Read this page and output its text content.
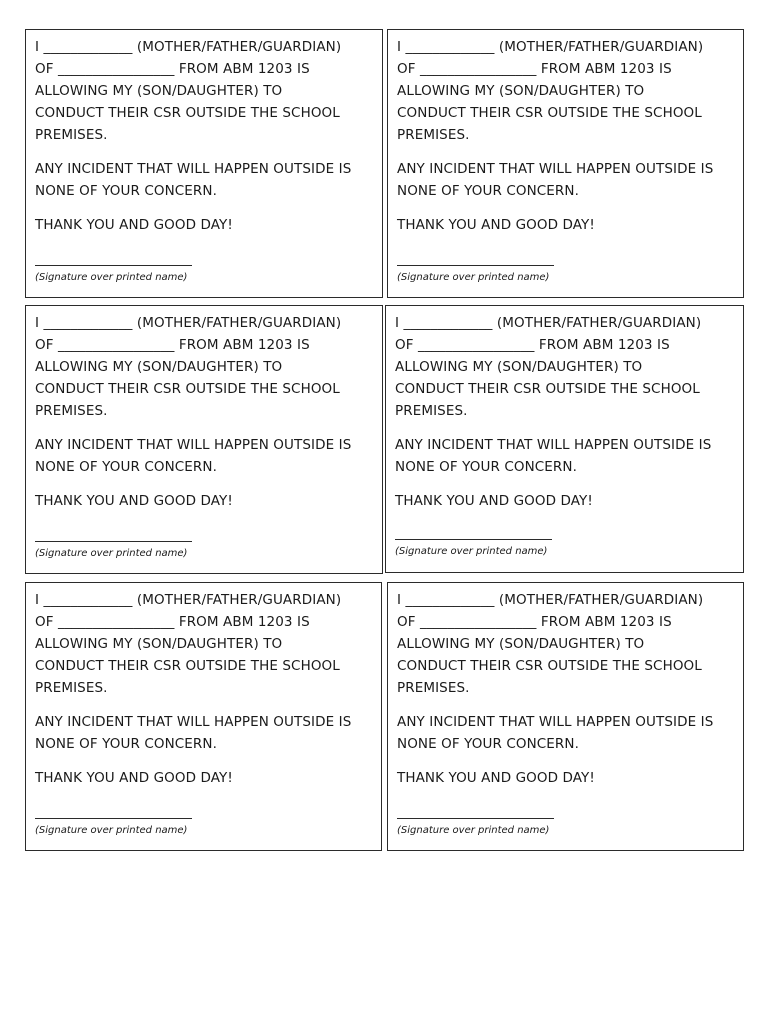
I _____________ (MOTHER/FATHER/GUARDIAN)
OF _________________ FROM ABM 1203 IS
ALLOWING MY (SON/DAUGHTER) TO
CONDUCT THEIR CSR OUTSIDE THE SCHOOL
PREMISES.
ANY INCIDENT THAT WILL HAPPEN OUTSIDE IS
NONE OF YOUR CONCERN.
THANK YOU AND GOOD DAY!
(Signature over printed name)
I _____________ (MOTHER/FATHER/GUARDIAN)
OF _________________ FROM ABM 1203 IS
ALLOWING MY (SON/DAUGHTER) TO
CONDUCT THEIR CSR OUTSIDE THE SCHOOL
PREMISES.
ANY INCIDENT THAT WILL HAPPEN OUTSIDE IS
NONE OF YOUR CONCERN.
THANK YOU AND GOOD DAY!
(Signature over printed name)
I _____________ (MOTHER/FATHER/GUARDIAN)
OF _________________ FROM ABM 1203 IS
ALLOWING MY (SON/DAUGHTER) TO
CONDUCT THEIR CSR OUTSIDE THE SCHOOL
PREMISES.
ANY INCIDENT THAT WILL HAPPEN OUTSIDE IS
NONE OF YOUR CONCERN.
THANK YOU AND GOOD DAY!
(Signature over printed name)
I _____________ (MOTHER/FATHER/GUARDIAN)
OF _________________ FROM ABM 1203 IS
ALLOWING MY (SON/DAUGHTER) TO
CONDUCT THEIR CSR OUTSIDE THE SCHOOL
PREMISES.
ANY INCIDENT THAT WILL HAPPEN OUTSIDE IS
NONE OF YOUR CONCERN.
THANK YOU AND GOOD DAY!
(Signature over printed name)
I _____________ (MOTHER/FATHER/GUARDIAN)
OF _________________ FROM ABM 1203 IS
ALLOWING MY (SON/DAUGHTER) TO
CONDUCT THEIR CSR OUTSIDE THE SCHOOL
PREMISES.
ANY INCIDENT THAT WILL HAPPEN OUTSIDE IS
NONE OF YOUR CONCERN.
THANK YOU AND GOOD DAY!
(Signature over printed name)
I _____________ (MOTHER/FATHER/GUARDIAN)
OF _________________ FROM ABM 1203 IS
ALLOWING MY (SON/DAUGHTER) TO
CONDUCT THEIR CSR OUTSIDE THE SCHOOL
PREMISES.
ANY INCIDENT THAT WILL HAPPEN OUTSIDE IS
NONE OF YOUR CONCERN.
THANK YOU AND GOOD DAY!
(Signature over printed name)
